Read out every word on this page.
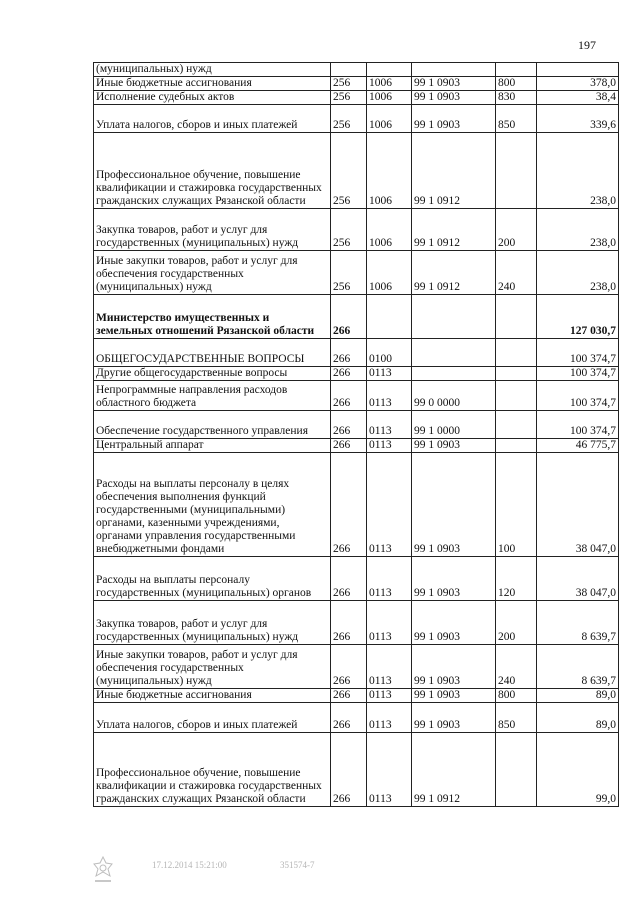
197
(муниципальных) нужд					
Иные бюджетные ассигнования	256	1006	99 1 0903	800	378,0
Исполнение судебных актов	256	1006	99 1 0903	830	38,4
Уплата налогов, сборов и иных платежей	256	1006	99 1 0903	850	339,6
Профессиональное обучение, повышение квалификации и стажировка государственных гражданских служащих Рязанской области	256	1006	99 1 0912		238,0
Закупка товаров, работ и услуг для государственных (муниципальных) нужд	256	1006	99 1 0912	200	238,0
Иные закупки товаров, работ и услуг для обеспечения государственных (муниципальных) нужд	256	1006	99 1 0912	240	238,0
Министерство имущественных и земельных отношений Рязанской области	266				127 030,7
ОБЩЕГОСУДАРСТВЕННЫЕ ВОПРОСЫ	266	0100			100 374,7
Другие общегосударственные вопросы	266	0113			100 374,7
Непрограммные направления расходов областного бюджета	266	0113	99 0 0000		100 374,7
Обеспечение государственного управления	266	0113	99 1 0000		100 374,7
Центральный аппарат	266	0113	99 1 0903		46 775,7
Расходы на выплаты персоналу в целях обеспечения выполнения функций государственными (муниципальными) органами, казенными учреждениями, органами управления государственными внебюджетными фондами	266	0113	99 1 0903	100	38 047,0
Расходы на выплаты персоналу государственных (муниципальных) органов	266	0113	99 1 0903	120	38 047,0
Закупка товаров, работ и услуг для государственных (муниципальных) нужд	266	0113	99 1 0903	200	8 639,7
Иные закупки товаров, работ и услуг для обеспечения государственных (муниципальных) нужд	266	0113	99 1 0903	240	8 639,7
Иные бюджетные ассигнования	266	0113	99 1 0903	800	89,0
Уплата налогов, сборов и иных платежей	266	0113	99 1 0903	850	89,0
Профессиональное обучение, повышение квалификации и стажировка государственных гражданских служащих Рязанской области	266	0113	99 1 0912		99,0
17.12.2014 15:21:00	351574-7
